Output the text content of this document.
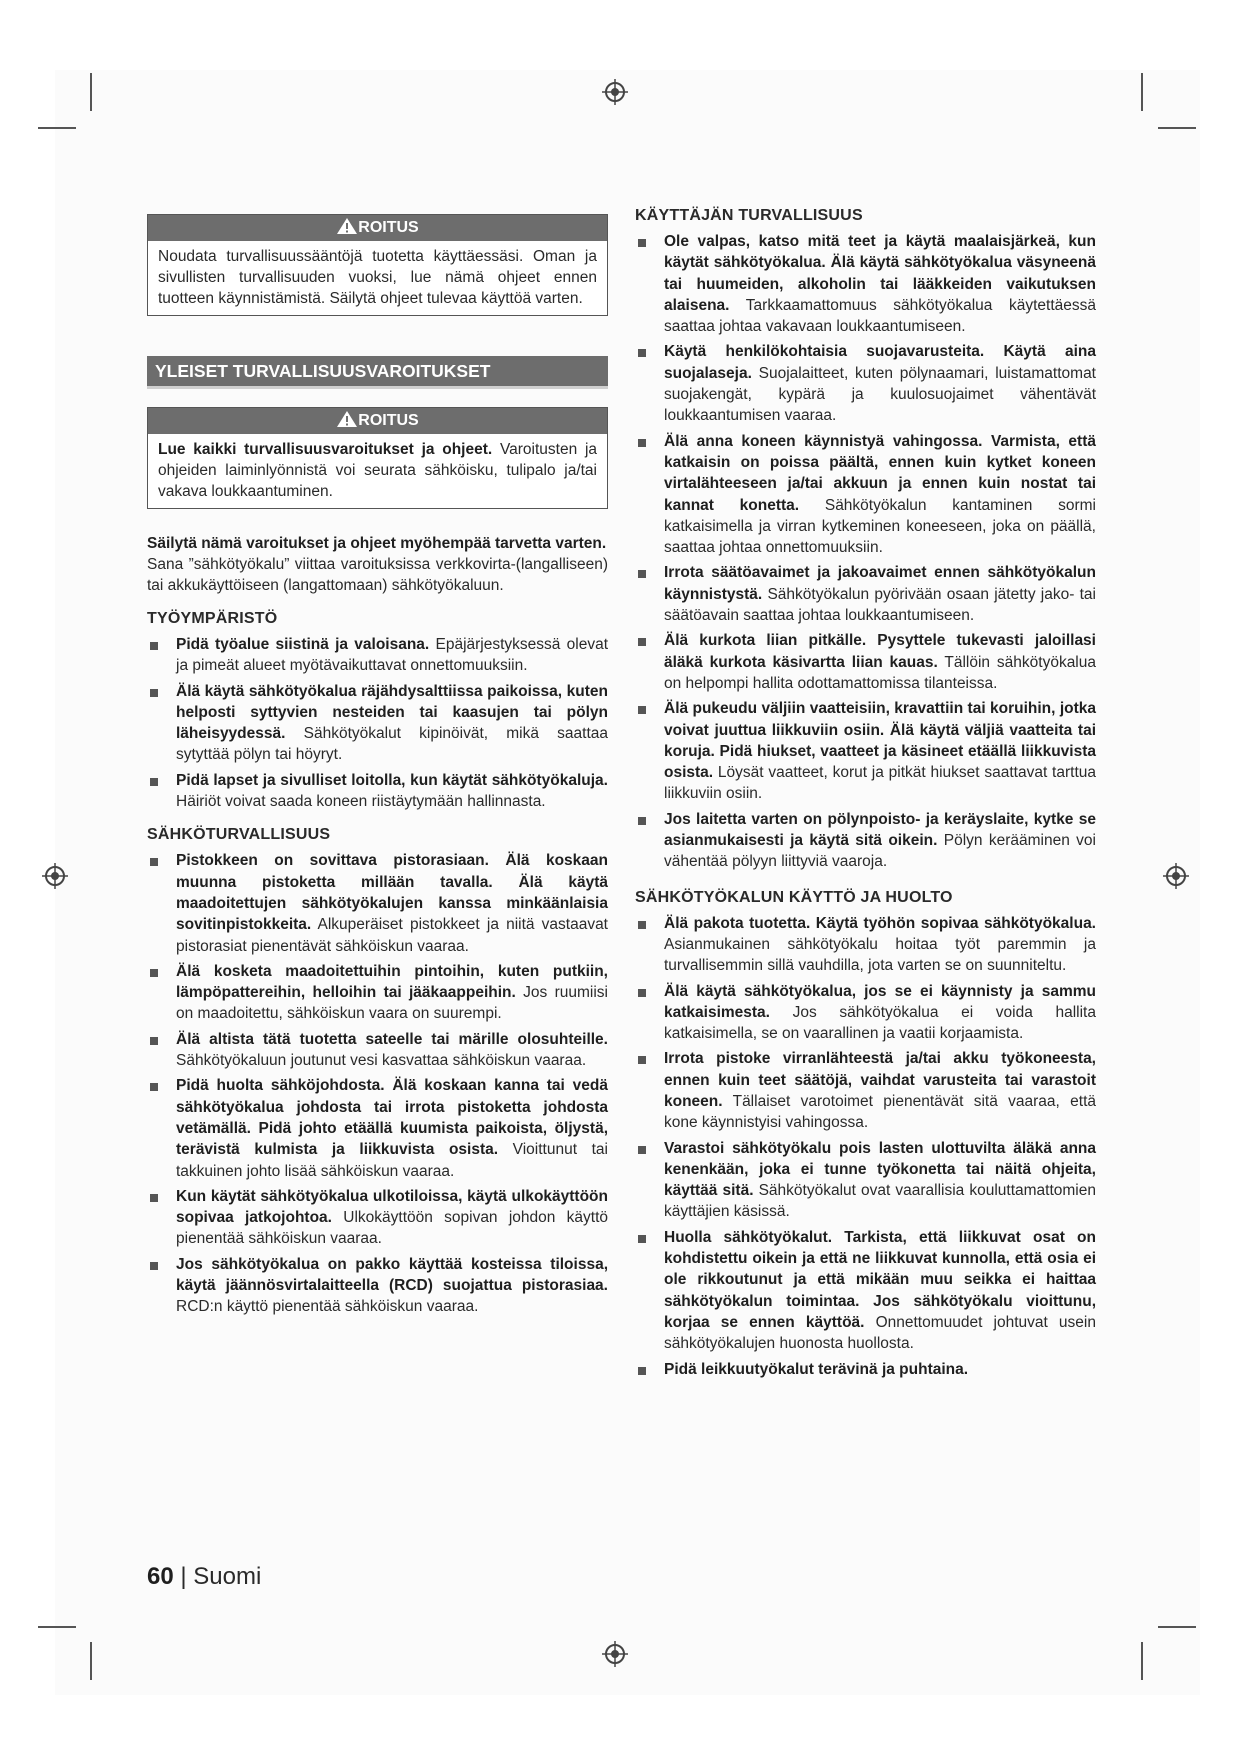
ROITUS
Noudata turvallisuussääntöjä tuotetta käyttäessäsi. Oman ja sivullisten turvallisuuden vuoksi, lue nämä ohjeet ennen tuotteen käynnistämistä. Säilytä ohjeet tulevaa käyttöä varten.
YLEISET TURVALLISUUSVAROITUKSET
ROITUS
Lue kaikki turvallisuusvaroitukset ja ohjeet. Varoitusten ja ohjeiden laiminlyönnistä voi seurata sähköisku, tulipalo ja/tai vakava loukkaantuminen.

Säilytä nämä varoitukset ja ohjeet myöhempää tarvetta varten.

Sana ”sähkötyökalu” viittaa varoituksissa verkkovirta-(langalliseen) tai akkukäyttöiseen (langattomaan) sähkötyökaluun.

TYÖYMPÄRISTÖ
Pidä työalue siistinä ja valoisana. Epäjärjestyksessä olevat ja pimeät alueet myötävaikuttavat onnettomuuksiin.
Älä käytä sähkötyökalua räjähdysalttiissa paikoissa, kuten helposti syttyvien nesteiden tai kaasujen tai pölyn läheisyydessä. Sähkötyökalut kipinöivät, mikä saattaa sytyttää pölyn tai höyryt.
Pidä lapset ja sivulliset loitolla, kun käytät sähkötyökaluja. Häiriöt voivat saada koneen riistäytymään hallinnasta.
SÄHKÖTURVALLISUUS
Pistokkeen on sovittava pistorasiaan. Älä koskaan muunna pistoketta millään tavalla. Älä käytä maadoitettujen sähkötyökalujen kanssa minkäänlaisia sovitinpistokkeita. Alkuperäiset pistokkeet ja niitä vastaavat pistorasiat pienentävät sähköiskun vaaraa.
Älä kosketa maadoitettuihin pintoihin, kuten putkiin, lämpöpattereihin, helloihin tai jääkaappeihin. Jos ruumiisi on maadoitettu, sähköiskun vaara on suurempi.
Älä altista tätä tuotetta sateelle tai märille olosuhteille. Sähkötyökaluun joutunut vesi kasvattaa sähköiskun vaaraa.
Pidä huolta sähköjohdosta. Älä koskaan kanna tai vedä sähkötyökalua johdosta tai irrota pistoketta johdosta vetämällä. Pidä johto etäällä kuumista paikoista, öljystä, terävistä kulmista ja liikkuvista osista. Vioittunut tai takkuinen johto lisää sähköiskun vaaraa.
Kun käytät sähkötyökalua ulkotiloissa, käytä ulkokäyttöön sopivaa jatkojohtoa. Ulkokäyttöön sopivan johdon käyttö pienentää sähköiskun vaaraa.
Jos sähkötyökalua on pakko käyttää kosteissa tiloissa, käytä jäännösvirtalaitteella (RCD) suojattua pistorasiaa. RCD:n käyttö pienentää sähköiskun vaaraa.
KÄYTTÄJÄN TURVALLISUUS
Ole valpas, katso mitä teet ja käytä maalaisjärkeä, kun käytät sähkötyökalua. Älä käytä sähkötyökalua väsyneenä tai huumeiden, alkoholin tai lääkkeiden vaikutuksen alaisena. Tarkkaamattomuus sähkötyökalua käytettäessä saattaa johtaa vakavaan loukkaantumiseen.
Käytä henkilökohtaisia suojavarusteita. Käytä aina suojalaseja. Suojalaitteet, kuten pölynaamari, luistamattomat suojakengät, kypärä ja kuulosuojaimet vähentävät loukkaantumisen vaaraa.
Älä anna koneen käynnistyä vahingossa. Varmista, että katkaisin on poissa päältä, ennen kuin kytket koneen virtalähteeseen ja/tai akkuun ja ennen kuin nostat tai kannat konetta. Sähkötyökalun kantaminen sormi katkaisimella ja virran kytkeminen koneeseen, joka on päällä, saattaa johtaa onnettomuuksiin.
Irrota säätöavaimet ja jakoavaimet ennen sähkötyökalun käynnistystä. Sähkötyökalun pyörivään osaan jätetty jako- tai säätöavain saattaa johtaa loukkaantumiseen.
Älä kurkota liian pitkälle. Pysyttele tukevasti jaloillasi äläkä kurkota käsivartta liian kauas. Tällöin sähkötyökalua on helpompi hallita odottamattomissa tilanteissa.
Älä pukeudu väljiin vaatteisiin, kravattiin tai koruihin, jotka voivat juuttua liikkuviin osiin. Älä käytä väljiä vaatteita tai koruja. Pidä hiukset, vaatteet ja käsineet etäällä liikkuvista osista. Löysät vaatteet, korut ja pitkät hiukset saattavat tarttua liikkuviin osiin.
Jos laitetta varten on pölynpoisto- ja keräyslaite, kytke se asianmukaisesti ja käytä sitä oikein. Pölyn kerääminen voi vähentää pölyyn liittyviä vaaroja.
SÄHKÖTYÖKALUN KÄYTTÖ JA HUOLTO
Älä pakota tuotetta. Käytä työhön sopivaa sähkötyökalua. Asianmukainen sähkötyökalu hoitaa työt paremmin ja turvallisemmin sillä vauhdilla, jota varten se on suunniteltu.
Älä käytä sähkötyökalua, jos se ei käynnisty ja sammu katkaisimesta. Jos sähkötyökalua ei voida hallita katkaisimella, se on vaarallinen ja vaatii korjaamista.
Irrota pistoke virranlähteestä ja/tai akku työkoneesta, ennen kuin teet säätöjä, vaihdat varusteita tai varastoit koneen. Tällaiset varotoimet pienentävät sitä vaaraa, että kone käynnistyisi vahingossa.
Varastoi sähkötyökalu pois lasten ulottuvilta äläkä anna kenenkään, joka ei tunne työkonetta tai näitä ohjeita, käyttää sitä. Sähkötyökalut ovat vaarallisia kouluttamattomien käyttäjien käsissä.
Huolla sähkötyökalut. Tarkista, että liikkuvat osat on kohdistettu oikein ja että ne liikkuvat kunnolla, että osia ei ole rikkoutunut ja että mikään muu seikka ei haittaa sähkötyökalun toimintaa. Jos sähkötyökalu vioittunu, korjaa se ennen käyttöä. Onnettomuudet johtuvat usein sähkötyökalujen huonosta huollosta.
Pidä leikkuutyökalut terävinä ja puhtaina.
60 | Suomi
